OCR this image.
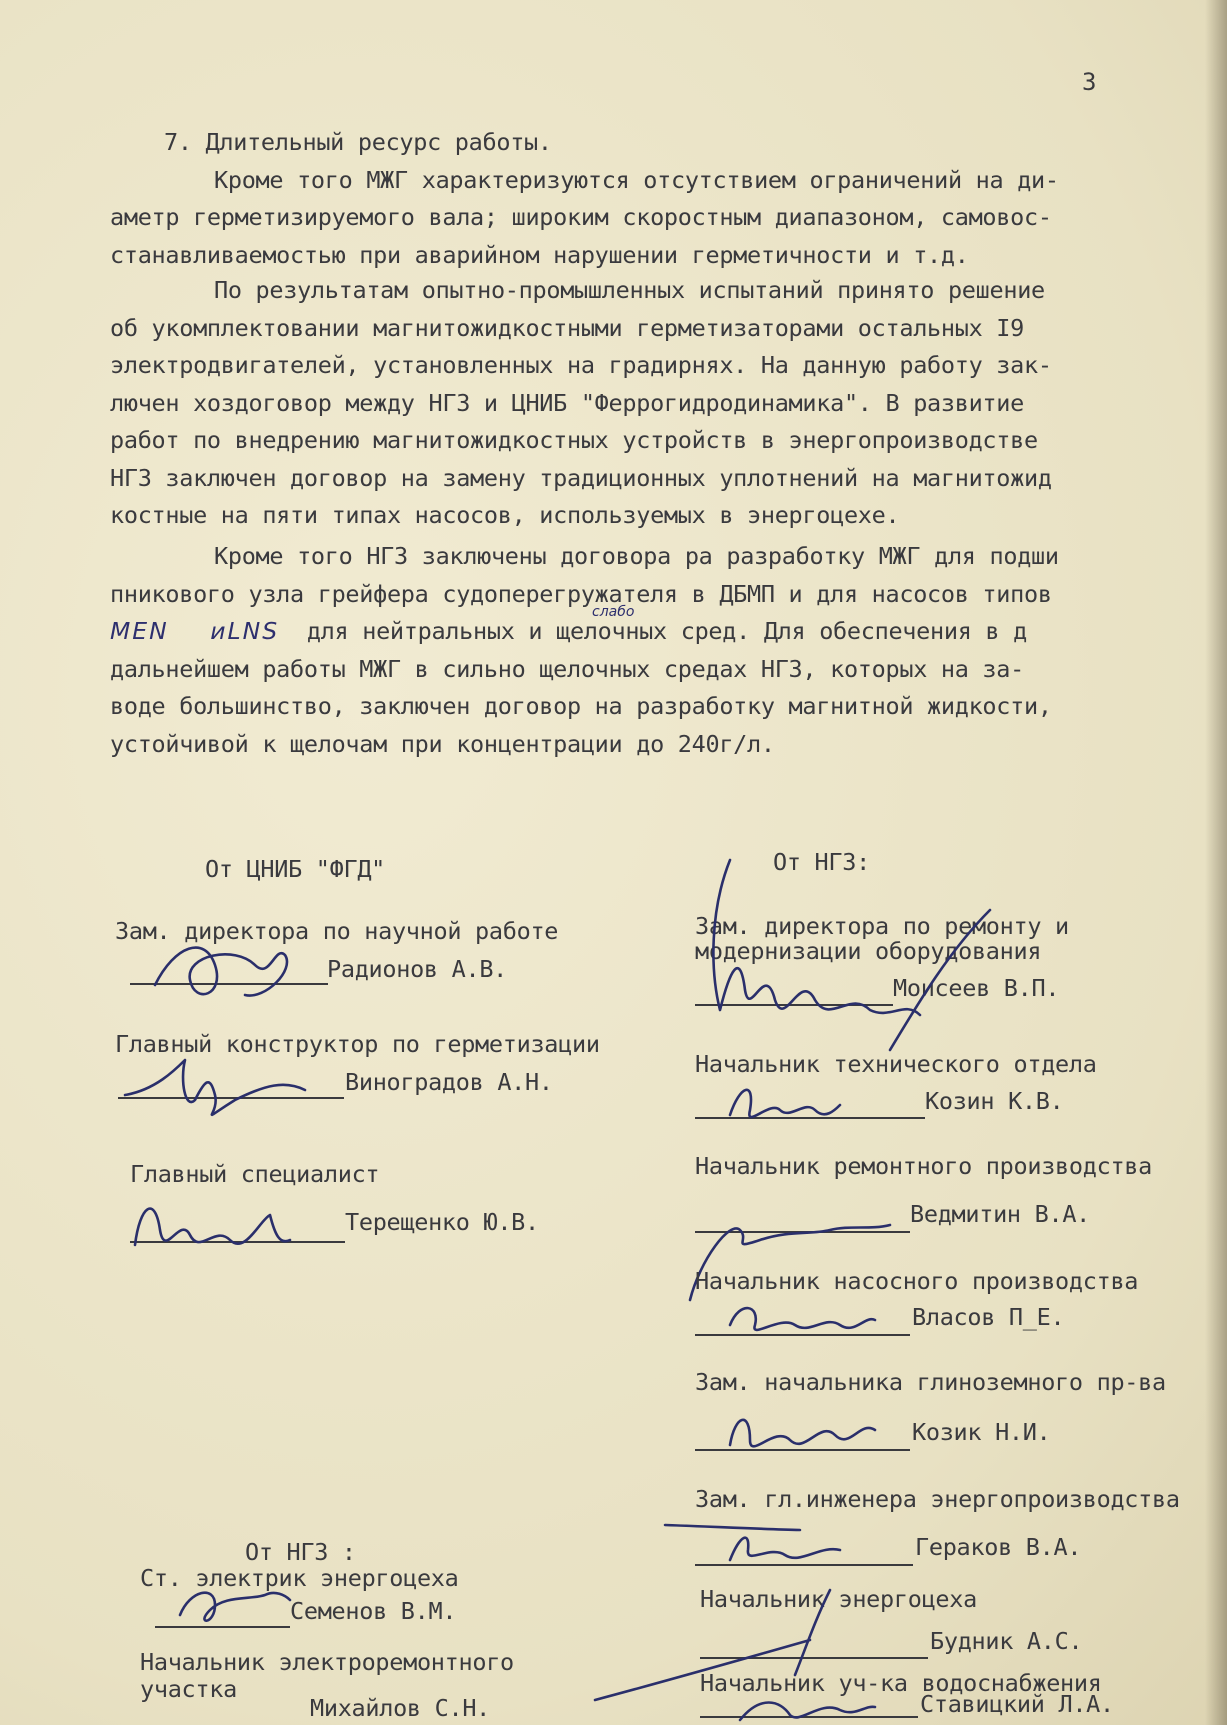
3
7. Длительный ресурс работы.
Кроме того МЖГ характеризуются отсутствием ограничений на ди-
аметр герметизируемого вала; широким скоростным диапазоном, самовос-
станавливаемостью при аварийном нарушении герметичности и т.д.
По результатам опытно-промышленных испытаний принято решение
об укомплектовании магнитожидкостными герметизаторами остальных I9
электродвигателей, установленных на градирнях. На данную работу зак-
лючен хоздоговор между НГЗ и ЦНИБ "Феррогидродинамика". В развитие
работ по внедрению магнитожидкостных устройств в энергопроизводстве
НГЗ заключен договор на замену традиционных уплотнений на магнитожид
костные на пяти типах насосов, используемых в энергоцехе.
Кроме того НГЗ заключены договора ра разработку МЖГ для подши
пникового узла грейфера судоперегружателя в ДБМП и для насосов типов
MEN иLNS для нейтральных и щелочных сред. Для обеспечения в д
дальнейшем работы МЖГ в сильно щелочных средах НГЗ, которых на за-
воде большинство, заключен договор на разработку магнитной жидкости,
устойчивой к щелочам при концентрации до 240г/л.
слабо
От ЦНИБ "ФГД"
Зам. директора по научной работе
Радионов А.В.
Главный конструктор по герметизации
Виноградов А.Н.
Главный специалист
Терещенко Ю.В.
От НГЗ :
Ст. электрик энергоцеха
Семенов В.М.
Начальник электроремонтного
участка
Михайлов С.Н.
От НГЗ:
Зам. директора по ремонту и
модернизации оборудования
Моисеев В.П.
Начальник технического отдела
Козин К.В.
Начальник ремонтного производства
Ведмитин В.А.
Начальник насосного производства
Власов П_Е.
Зам. начальника глиноземного пр-ва
Козик Н.И.
Зам. гл.инженера энергопроизводства
Гераков В.А.
Начальник энергоцеха
Будник А.С.
Начальник уч-ка водоснабжения
Ставицкий Л.А.
